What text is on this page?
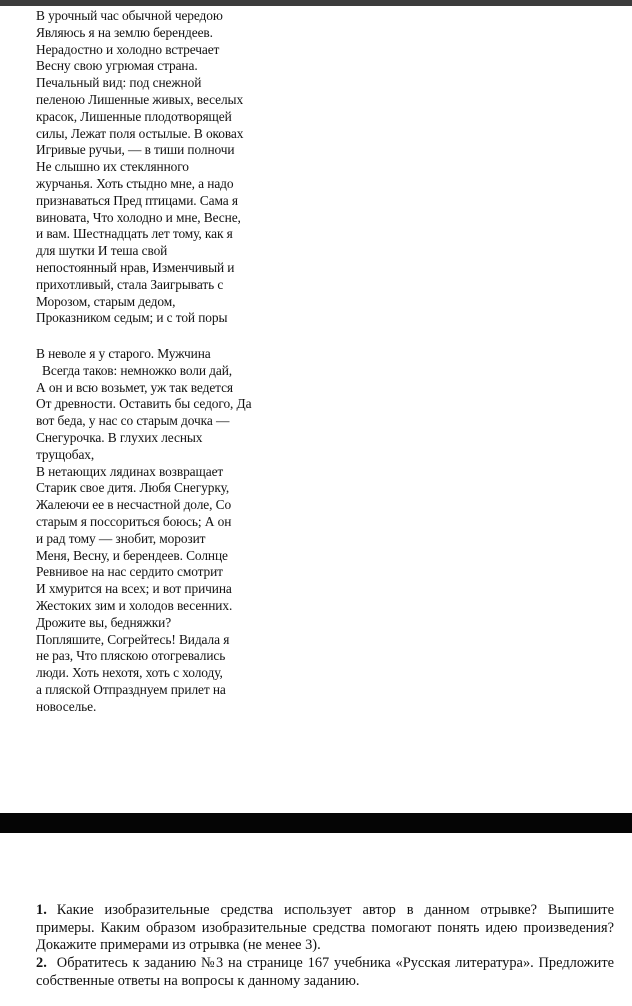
В урочный час обычной чередою
Являюсь я на землю берендеев.
Нерадостно и холодно встречает
Весну свою угрюмая страна.
Печальный вид: под снежной
пеленою Лишенные живых, веселых
красок, Лишенные плодотворящей
силы, Лежат поля остылые. В оковах
Игривые ручьи, — в тиши полночи
Не слышно их стеклянного
журчанья. Хоть стыдно мне, а надо
признаваться Пред птицами. Сама я
виновата, Что холодно и мне, Весне,
и вам. Шестнадцать лет тому, как я
для шутки И теша свой
непостоянный нрав, Изменчивый и
прихотливый, стала Заигрывать с
Морозом, старым дедом,
Проказником седым; и с той поры
В неволе я у старого. Мужчина
Всегда таков: немножко воли дай,
А он и всю возьмет, уж так ведется
От древности. Оставить бы седого, Да
вот беда, у нас со старым дочка —
Снегурочка. В глухих лесных
трущобах,
В нетающих лядинах возвращает
Старик свое дитя. Любя Снегурку,
Жалеючи ее в несчастной доле, Со
старым я поссориться боюсь; А он
и рад тому — знобит, морозит
Меня, Весну, и берендеев. Солнце
Ревнивое на нас сердито смотрит
И хмурится на всех; и вот причина
Жестоких зим и холодов весенних.
Дрожите вы, бедняжки?
Попляшите, Согрейтесь! Видала я
не раз, Что пляскою отогревались
люди. Хоть нехотя, хоть с холоду,
а пляской Отпразднуем прилет на
новоселье.
1. Какие изобразительные средства использует автор в данном отрывке? Выпишите примеры. Каким образом изобразительные средства помогают понять идею произведения? Докажите примерами из отрывка (не менее 3).
2. Обратитесь к заданию №3 на странице 167 учебника «Русская литература». Предложите собственные ответы на вопросы к данному заданию.
